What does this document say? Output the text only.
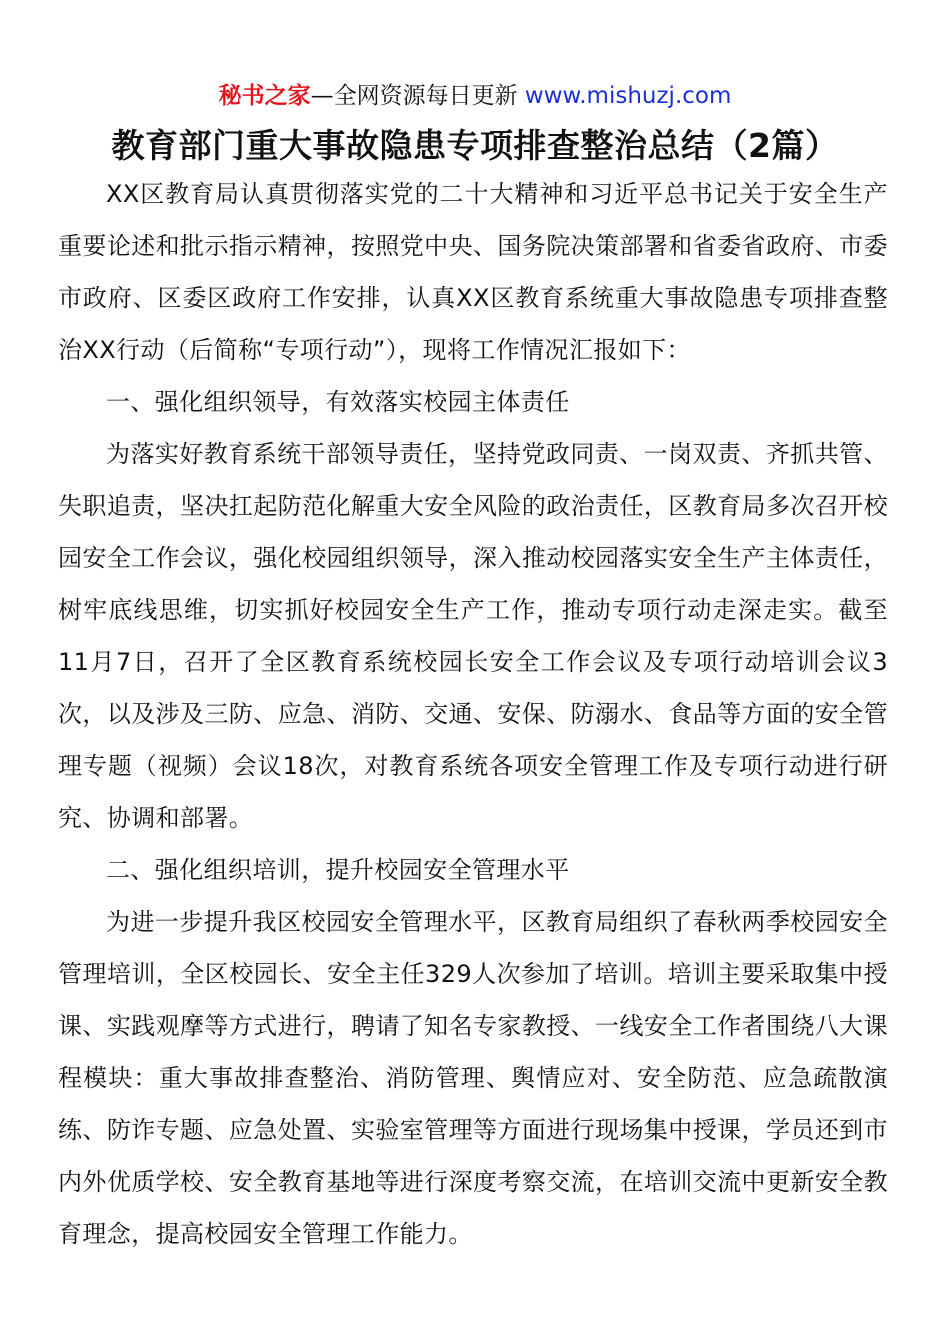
秘书之家—全网资源每日更新 www.mishuzj.com
教育部门重大事故隐患专项排查整治总结（2篇）

XX区教育局认真贯彻落实党的二十大精神和习近平总书记关于安全生产重要论述和批示指示精神，按照党中央、国务院决策部署和省委省政府、市委市政府、区委区政府工作安排，认真XX区教育系统重大事故隐患专项排查整治XX行动（后简称“专项行动”），现将工作情况汇报如下：

一、强化组织领导，有效落实校园主体责任

为落实好教育系统干部领导责任，坚持党政同责、一岗双责、齐抓共管、失职追责，坚决扛起防范化解重大安全风险的政治责任，区教育局多次召开校园安全工作会议，强化校园组织领导，深入推动校园落实安全生产主体责任，树牢底线思维，切实抓好校园安全生产工作，推动专项行动走深走实。截至11月7日，召开了全区教育系统校园长安全工作会议及专项行动培训会议3次，以及涉及三防、应急、消防、交通、安保、防溺水、食品等方面的安全管理专题（视频）会议18次，对教育系统各项安全管理工作及专项行动进行研究、协调和部署。

二、强化组织培训，提升校园安全管理水平

为进一步提升我区校园安全管理水平，区教育局组织了春秋两季校园安全管理培训，全区校园长、安全主任329人次参加了培训。培训主要采取集中授课、实践观摩等方式进行，聘请了知名专家教授、一线安全工作者围绕八大课程模块：重大事故排查整治、消防管理、舆情应对、安全防范、应急疏散演练、防诈专题、应急处置、实验室管理等方面进行现场集中授课，学员还到市内外优质学校、安全教育基地等进行深度考察交流，在培训交流中更新安全教育理念，提高校园安全管理工作能力。
